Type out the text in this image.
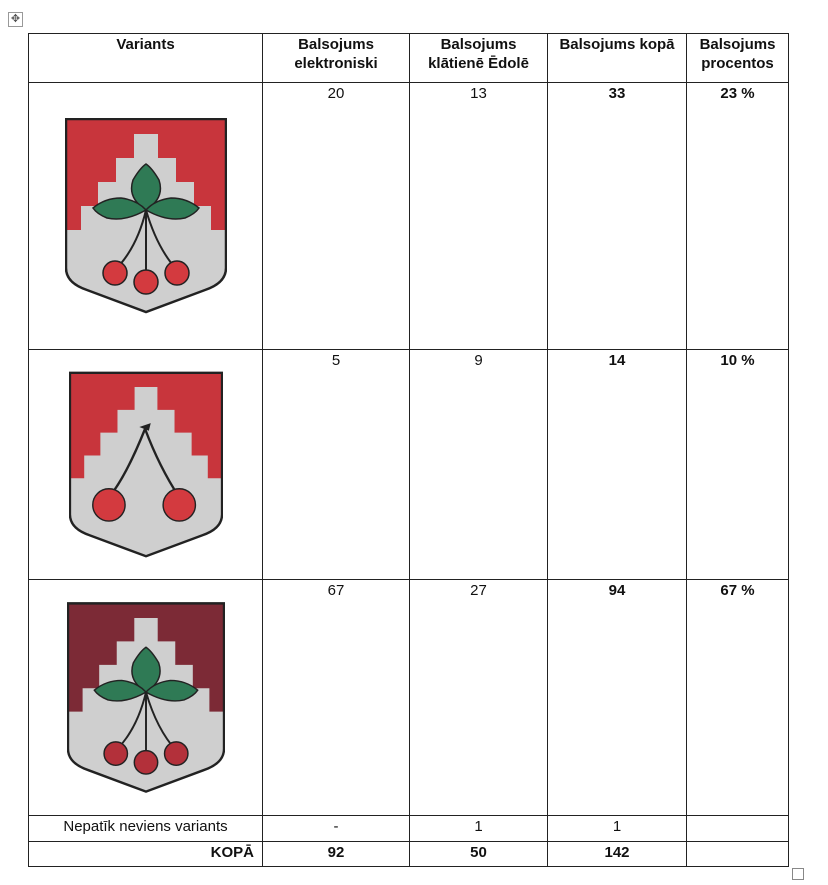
✥
Variants	Balsojums elektroniski	Balsojums klātienē Ēdolē	Balsojums kopā	Balsojums procentos

	20	13	33	23 %

	5	9	14	10 %

	67	27	94	67 %
Nepatīk neviens variants	-	1	1	
KOPĀ	92	50	142	
